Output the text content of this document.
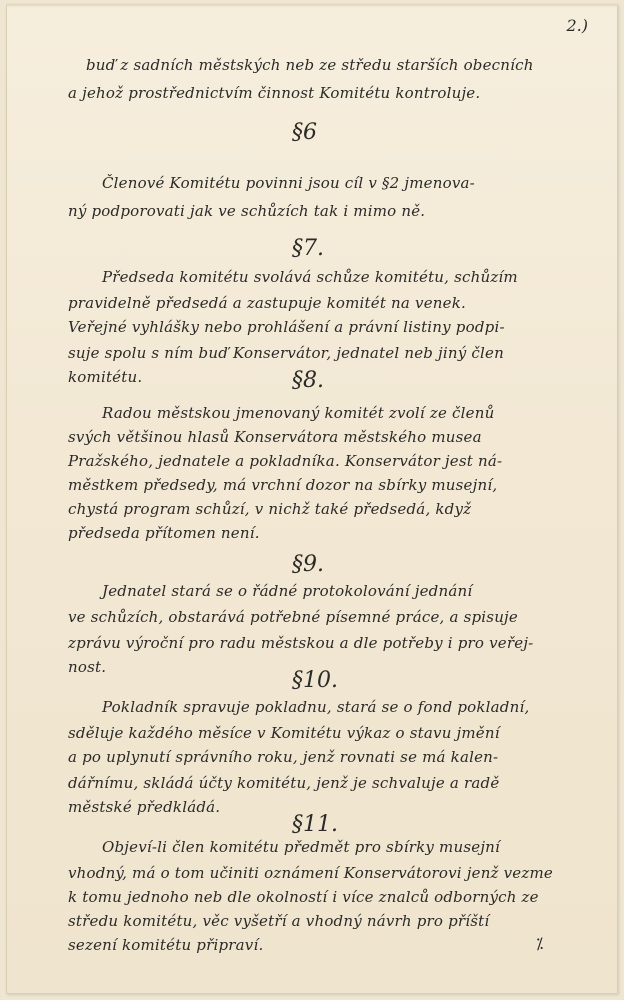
2.)
buď z sadních městských neb ze středu starších obecních
a jehož prostřednictvím činnost Komitétu kontroluje.
§6
Členové Komitétu povinni jsou cíl v §2 jmenova-
ný podporovati jak ve schůzích tak i mimo ně.
§7.
Předseda komitétu svolává schůze komitétu, schůzím
pravidelně předsedá a zastupuje komitét na venek.
Veřejné vyhlášky nebo prohlášení a právní listiny podpi-
suje spolu s ním buď Konservátor, jednatel neb jiný člen
komitétu.	§8.
Radou městskou jmenovaný komitét zvolí ze členů
svých většinou hlasů Konservátora městského musea
Pražského, jednatele a pokladníka. Konservátor jest ná-
městkem předsedy, má vrchní dozor na sbírky musejní,
chystá program schůzí, v nichž také předsedá, když
předseda přítomen není.
§9.
Jednatel stará se o řádné protokolování jednání
ve schůzích, obstarává potřebné písemné práce, a spisuje
zprávu výroční pro radu městskou a dle potřeby i pro veřej-
nost.
§10.
Pokladník spravuje pokladnu, stará se o fond pokladní,
sděluje každého měsíce v Komitétu výkaz o stavu jmění
a po uplynutí správního roku, jenž rovnati se má kalen-
dářnímu, skládá účty komitétu, jenž je schvaluje a radě
městské předkládá.
§11.
Objeví-li člen komitétu předmět pro sbírky musejní
vhodný, má o tom učiniti oznámení Konservátorovi jenž vezme
k tomu jednoho neb dle okolností i více znalců odborných ze
středu komitétu, věc vyšetří a vhodný návrh pro příští
sezení komitétu připraví.	⁒
